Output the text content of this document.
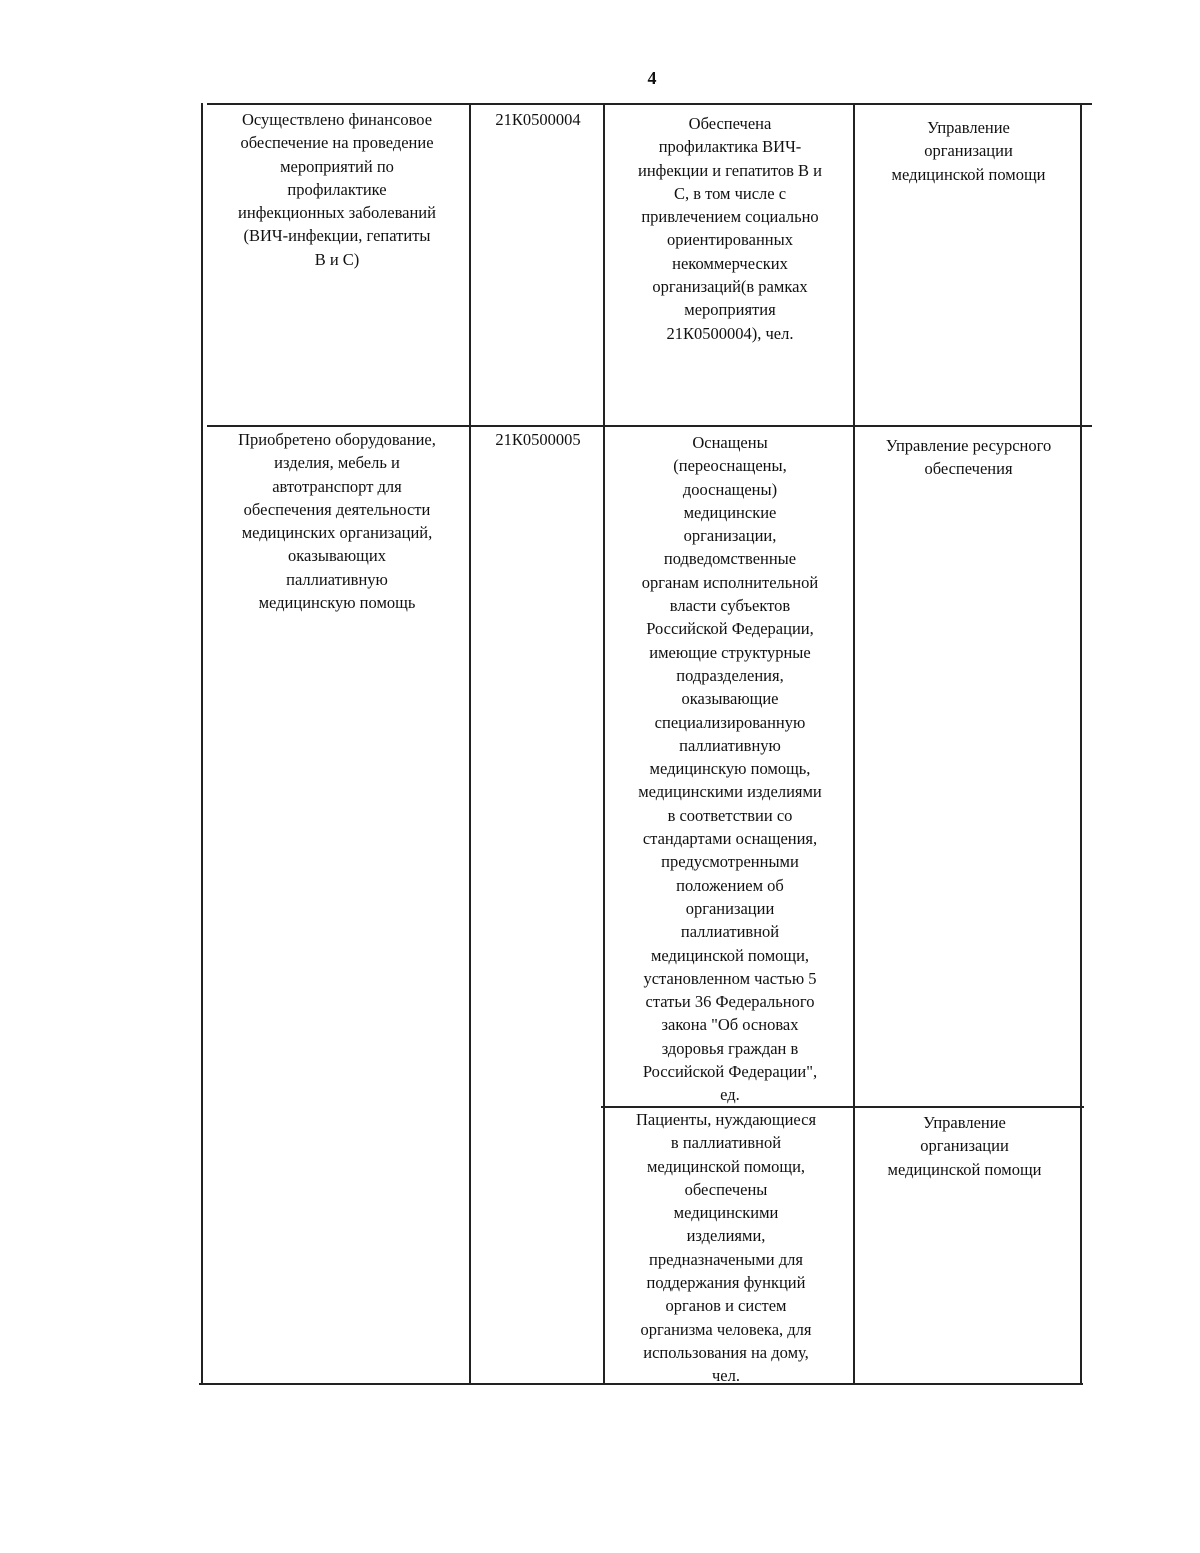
4
Осуществлено финансовое
обеспечение на проведение
мероприятий по
профилактике
инфекционных заболеваний
(ВИЧ-инфекции, гепатиты
В и С)
21К0500004	Обеспечена
профилактика ВИЧ-
инфекции и гепатитов В и
С, в том числе с
привлечением социально
ориентированных
некоммерческих
организаций(в рамках
мероприятия
21К0500004), чел.
Управление
организации
медицинской помощи
Приобретено оборудование,
изделия, мебель и
автотранспорт для
обеспечения деятельности
медицинских организаций,
оказывающих
паллиативную
медицинскую помощь
21К0500005	Оснащены
(переоснащены,
дооснащены)
медицинские
организации,
подведомственные
органам исполнительной
власти субъектов
Российской Федерации,
имеющие структурные
подразделения,
оказывающие
специализированную
паллиативную
медицинскую помощь,
медицинскими изделиями
в соответствии со
стандартами оснащения,
предусмотренными
положением об
организации
паллиативной
медицинской помощи,
установленном частью 5
статьи 36 Федерального
закона "Об основах
здоровья граждан в
Российской Федерации",
ед.
Управление ресурсного
обеспечения
Пациенты, нуждающиеся
в паллиативной
медицинской помощи,
обеспечены
медицинскими
изделиями,
предназначеными для
поддержания функций
органов и систем
организма человека, для
использования на дому,
чел.
Управление
организации
медицинской помощи
